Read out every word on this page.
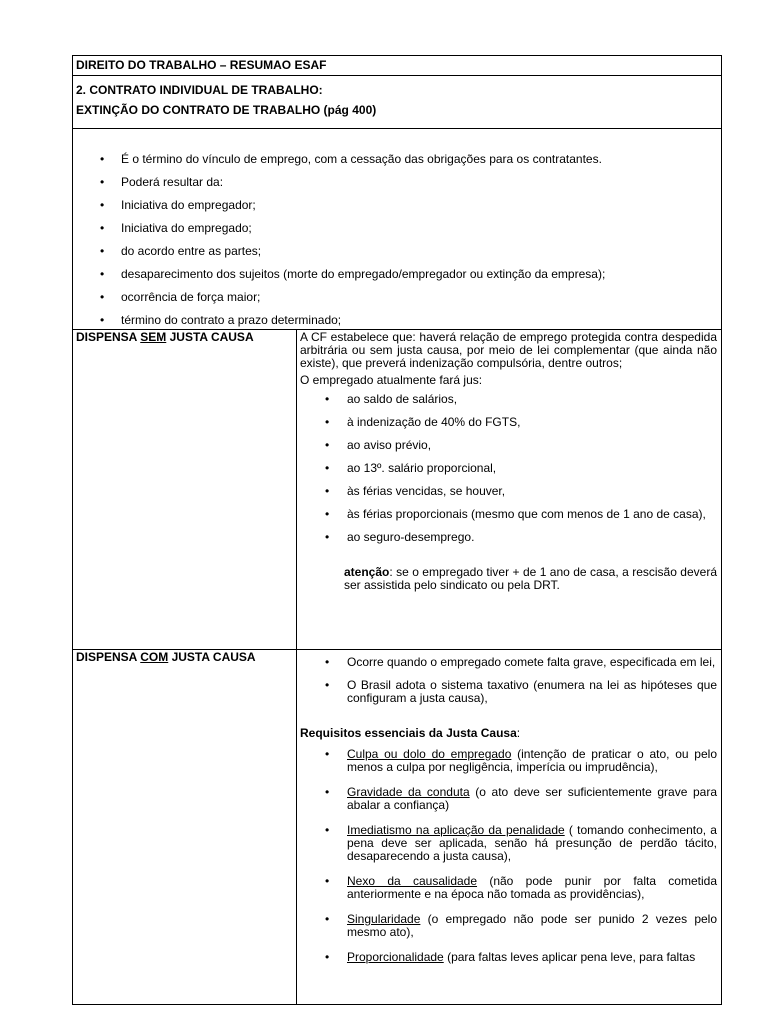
DIREITO DO TRABALHO – RESUMAO ESAF
2. CONTRATO INDIVIDUAL DE TRABALHO:
EXTINÇÃO DO CONTRATO DE TRABALHO (pág 400)
• É o término do vínculo de emprego, com a cessação das obrigações para os contratantes.
• Poderá resultar da:
• Iniciativa do empregador;
• Iniciativa do empregado;
• do acordo entre as partes;
• desaparecimento dos sujeitos (morte do empregado/empregador ou extinção da empresa);
• ocorrência de força maior;
• término do contrato a prazo determinado;
DISPENSA SEM JUSTA CAUSA	A CF estabelece que: haverá relação de emprego protegida contra despedida arbitrária ou sem justa causa, por meio de lei complementar (que ainda não existe), que preverá indenização compulsória, dentre outros;
O empregado atualmente fará jus:
• ao saldo de salários,
• à indenização de 40% do FGTS,
• ao aviso prévio,
• ao 13º. salário proporcional,
• às férias vencidas, se houver,
• às férias proporcionais (mesmo que com menos de 1 ano de casa),
• ao seguro-desemprego.
atenção: se o empregado tiver + de 1 ano de casa, a rescisão deverá ser assistida pelo sindicato ou pela DRT.
DISPENSA COM JUSTA CAUSA	• Ocorre quando o empregado comete falta grave, especificada em lei,
• O Brasil adota o sistema taxativo (enumera na lei as hipóteses que configuram a justa causa),
Requisitos essenciais da Justa Causa:
• Culpa ou dolo do empregado (intenção de praticar o ato, ou pelo menos a culpa por negligência, imperícia ou imprudência),
• Gravidade da conduta (o ato deve ser suficientemente grave para abalar a confiança)
• Imediatismo na aplicação da penalidade ( tomando conhecimento, a pena deve ser aplicada, senão há presunção de perdão tácito, desaparecendo a justa causa),
• Nexo da causalidade (não pode punir por falta cometida anteriormente e na época não tomada as providências),
• Singularidade (o empregado não pode ser punido 2 vezes pelo mesmo ato),
• Proporcionalidade (para faltas leves aplicar pena leve, para faltas
